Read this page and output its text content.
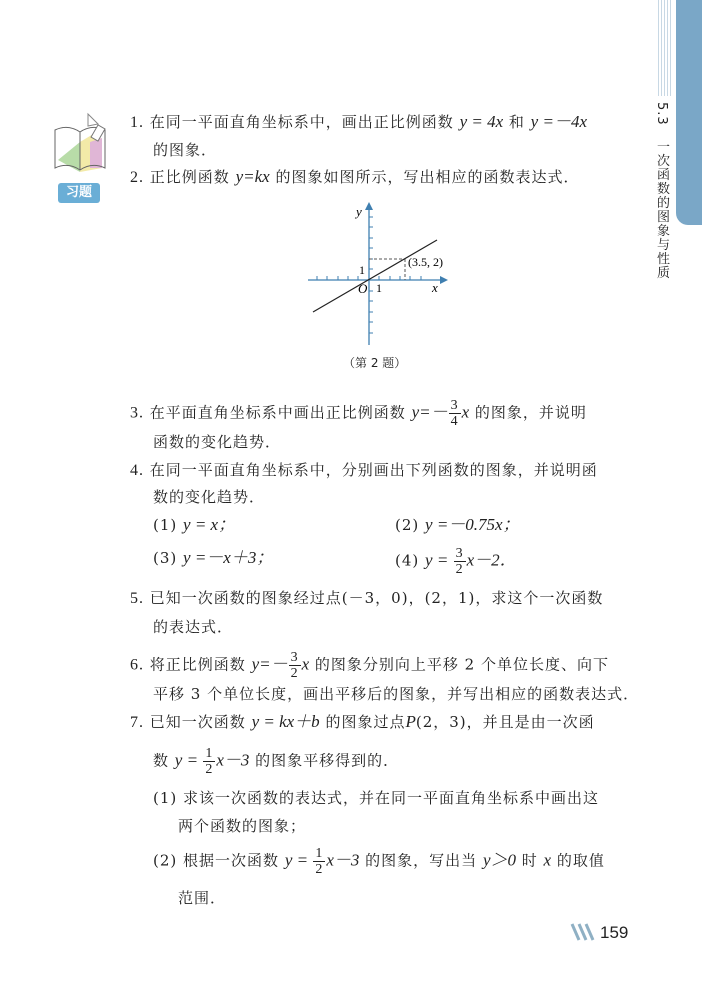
5.3　一次函数的图象与性质
习题
1. 在同一平面直角坐标系中，画出正比例函数 y = 4x 和 y =－4x
的图象．
2. 正比例函数 y=kx 的图象如图所示，写出相应的函数表达式．
y
x
O 1
1
(3.5, 2)
（第 2 题）
3. 在平面直角坐标系中画出正比例函数 $y=- \frac{3}{4}$ x 的图象，并说明
函数的变化趋势．
4. 在同一平面直角坐标系中，分别画出下列函数的图象，并说明函
数的变化趋势．
(1) y = x；	(2) y =－0.75x；
(3) y =－x＋3；	(4) $y = \frac{3}{2} x-2$．
5. 已知一次函数的图象经过点(－3，0)，(2，1)，求这个一次函数
的表达式．
6. 将正比例函数 $y=- \frac{3}{2}$ x 的图象分别向上平移 2 个单位长度、向下
平移 3 个单位长度，画出平移后的图象，并写出相应的函数表达式．
7. 已知一次函数 y = kx＋b 的图象过点P(2，3)，并且是由一次函
数 $y = \frac{1}{2} x-3$ 的图象平移得到的．
(1) 求该一次函数的表达式，并在同一平面直角坐标系中画出这
两个函数的图象；
(2) 根据一次函数 $y = \frac{1}{2} x-3$ 的图象，写出当 y＞0 时 x 的取值
范围．
159
